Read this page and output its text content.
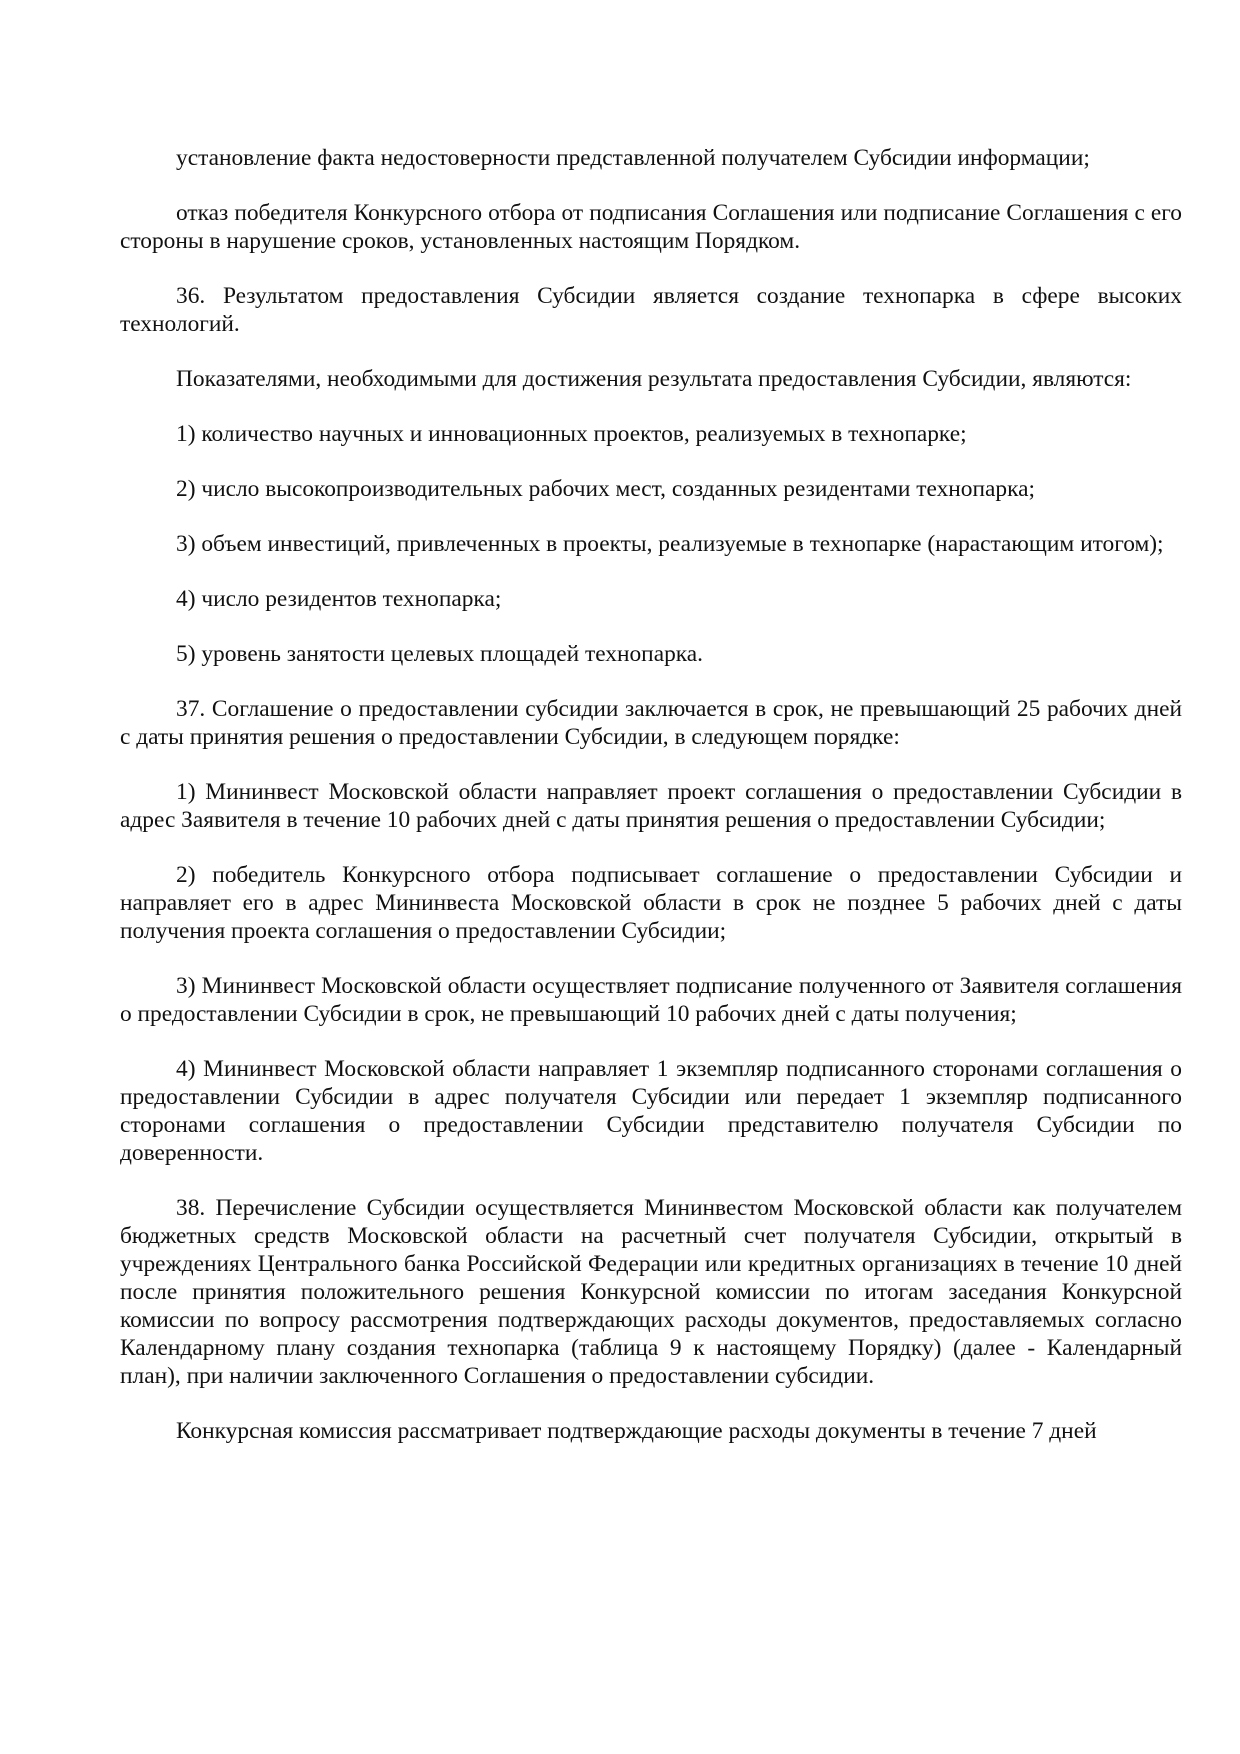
установление факта недостоверности представленной получателем Субсидии информации;

отказ победителя Конкурсного отбора от подписания Соглашения или подписание Соглашения с его стороны в нарушение сроков, установленных настоящим Порядком.

36. Результатом предоставления Субсидии является создание технопарка в сфере высоких технологий.

Показателями, необходимыми для достижения результата предоставления Субсидии, являются:

1) количество научных и инновационных проектов, реализуемых в технопарке;

2) число высокопроизводительных рабочих мест, созданных резидентами технопарка;

3) объем инвестиций, привлеченных в проекты, реализуемые в технопарке (нарастающим итогом);

4) число резидентов технопарка;

5) уровень занятости целевых площадей технопарка.

37. Соглашение о предоставлении субсидии заключается в срок, не превышающий 25 рабочих дней с даты принятия решения о предоставлении Субсидии, в следующем порядке:

1) Мининвест Московской области направляет проект соглашения о предоставлении Субсидии в адрес Заявителя в течение 10 рабочих дней с даты принятия решения о предоставлении Субсидии;

2) победитель Конкурсного отбора подписывает соглашение о предоставлении Субсидии и направляет его в адрес Мининвеста Московской области в срок не позднее 5 рабочих дней с даты получения проекта соглашения о предоставлении Субсидии;

3) Мининвест Московской области осуществляет подписание полученного от Заявителя соглашения о предоставлении Субсидии в срок, не превышающий 10 рабочих дней с даты получения;

4) Мининвест Московской области направляет 1 экземпляр подписанного сторонами соглашения о предоставлении Субсидии в адрес получателя Субсидии или передает 1 экземпляр подписанного сторонами соглашения о предоставлении Субсидии представителю получателя Субсидии по доверенности.

38. Перечисление Субсидии осуществляется Мининвестом Московской области как получателем бюджетных средств Московской области на расчетный счет получателя Субсидии, открытый в учреждениях Центрального банка Российской Федерации или кредитных организациях в течение 10 дней после принятия положительного решения Конкурсной комиссии по итогам заседания Конкурсной комиссии по вопросу рассмотрения подтверждающих расходы документов, предоставляемых согласно Календарному плану создания технопарка (таблица 9 к настоящему Порядку) (далее - Календарный план), при наличии заключенного Соглашения о предоставлении субсидии.

Конкурсная комиссия рассматривает подтверждающие расходы документы в течение 7 дней
